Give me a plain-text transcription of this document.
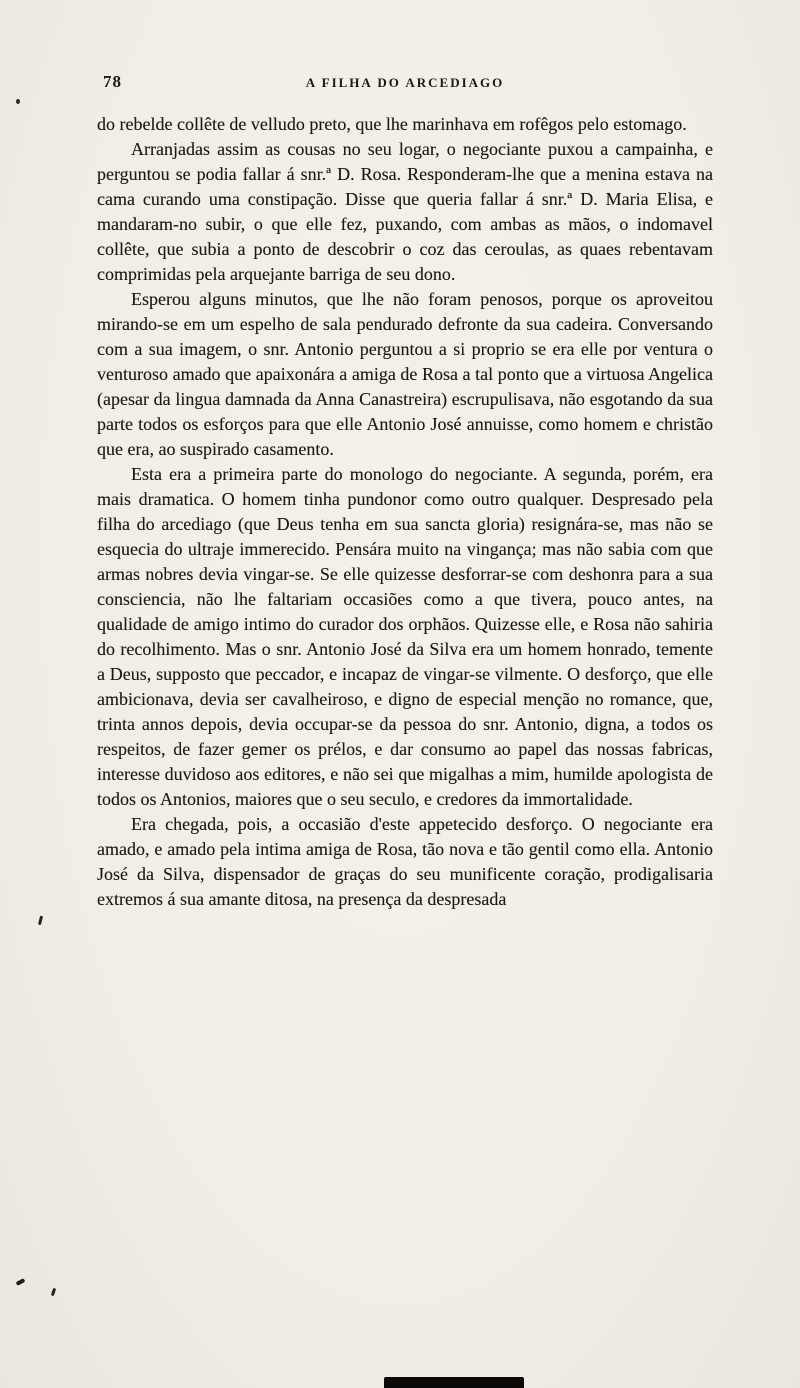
78	A FILHA DO ARCEDIAGO

do rebelde collête de velludo preto, que lhe marinhava em rofêgos pelo estomago.

Arranjadas assim as cousas no seu logar, o negociante puxou a campainha, e perguntou se podia fallar á snr.ª D. Rosa. Responderam-lhe que a menina estava na cama curando uma constipação. Disse que queria fallar á snr.ª D. Maria Elisa, e mandaram-no subir, o que elle fez, puxando, com ambas as mãos, o indomavel collête, que subia a ponto de descobrir o coz das ceroulas, as quaes rebentavam comprimidas pela arquejante barriga de seu dono.

Esperou alguns minutos, que lhe não foram penosos, porque os aproveitou mirando-se em um espelho de sala pendurado defronte da sua cadeira. Conversando com a sua imagem, o snr. Antonio perguntou a si proprio se era elle por ventura o venturoso amado que apaixonára a amiga de Rosa a tal ponto que a virtuosa Angelica (apesar da lingua damnada da Anna Canastreira) escrupulisava, não esgotando da sua parte todos os esforços para que elle Antonio José annuisse, como homem e christão que era, ao suspirado casamento.

Esta era a primeira parte do monologo do negociante. A segunda, porém, era mais dramatica. O homem tinha pundonor como outro qualquer. Despresado pela filha do arcediago (que Deus tenha em sua sancta gloria) resignára-se, mas não se esquecia do ultraje immerecido. Pensára muito na vingança; mas não sabia com que armas nobres devia vingar-se. Se elle quizesse desforrar-se com deshonra para a sua consciencia, não lhe faltariam occasiões como a que tivera, pouco antes, na qualidade de amigo intimo do curador dos orphãos. Quizesse elle, e Rosa não sahiria do recolhimento. Mas o snr. Antonio José da Silva era um homem honrado, temente a Deus, supposto que peccador, e incapaz de vingar-se vilmente. O desforço, que elle ambicionava, devia ser cavalheiroso, e digno de especial menção no romance, que, trinta annos depois, devia occupar-se da pessoa do snr. Antonio, digna, a todos os respeitos, de fazer gemer os prélos, e dar consumo ao papel das nossas fabricas, interesse duvidoso aos editores, e não sei que migalhas a mim, humilde apologista de todos os Antonios, maiores que o seu seculo, e credores da immortalidade.

Era chegada, pois, a occasião d'este appetecido desforço. O negociante era amado, e amado pela intima amiga de Rosa, tão nova e tão gentil como ella. Antonio José da Silva, dispensador de graças do seu munificente coração, prodigalisaria extremos á sua amante ditosa, na presença da despresada
